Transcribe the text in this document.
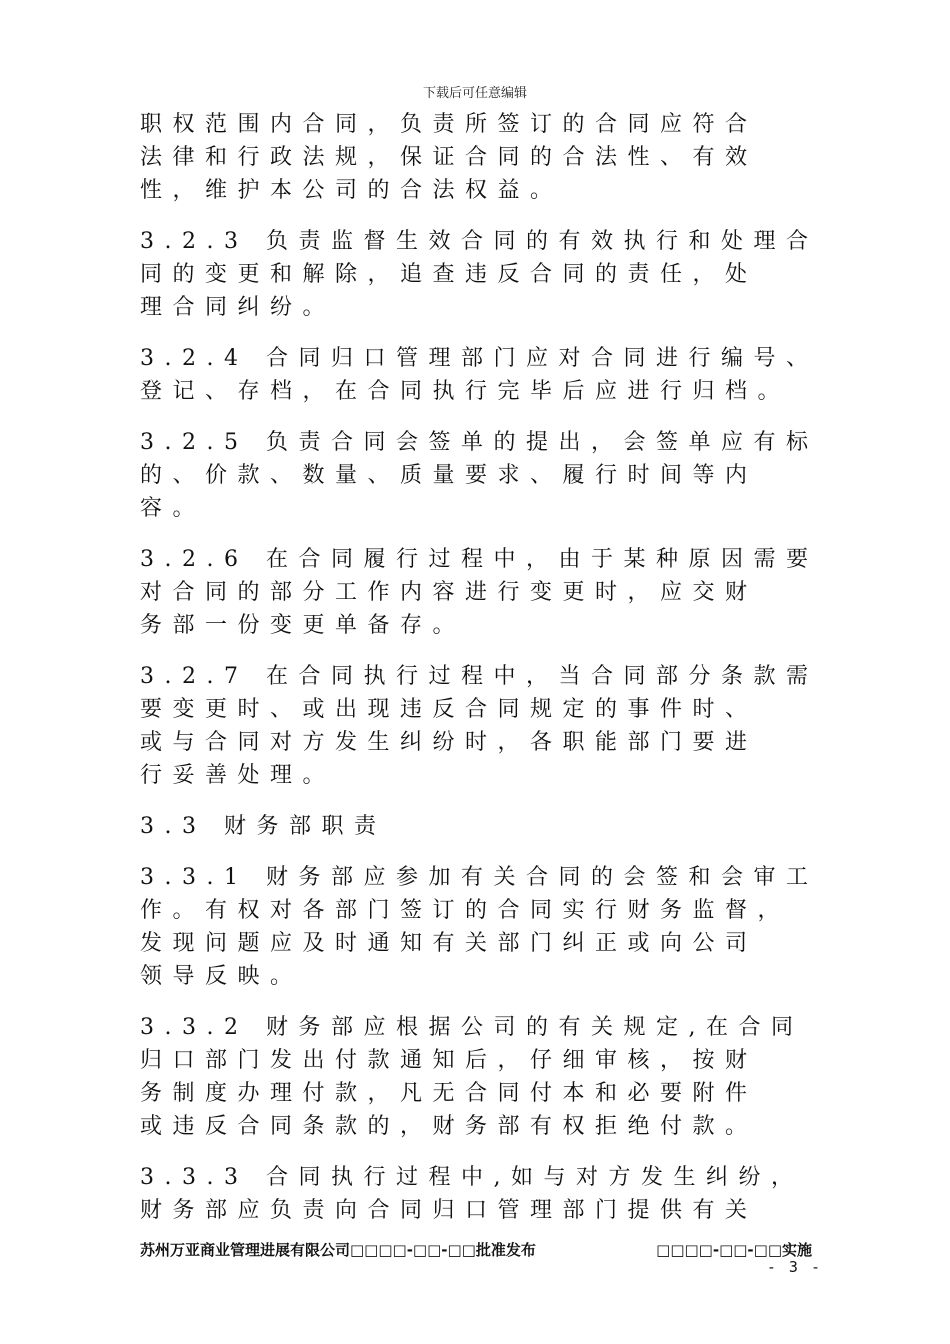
下载后可任意编辑
职权范围内合同，负责所签订的合同应符合
法律和行政法规，保证合同的合法性、有效
性，维护本公司的合法权益。
3.2.3 负责监督生效合同的有效执行和处理合
同的变更和解除，追查违反合同的责任，处
理合同纠纷。
3.2.4 合同归口管理部门应对合同进行编号、
登记、存档，在合同执行完毕后应进行归档。
3.2.5 负责合同会签单的提出，会签单应有标
的、价款、数量、质量要求、履行时间等内
容。
3.2.6 在合同履行过程中，由于某种原因需要
对合同的部分工作内容进行变更时，应交财
务部一份变更单备存。
3.2.7 在合同执行过程中，当合同部分条款需
要变更时、或出现违反合同规定的事件时、
或与合同对方发生纠纷时，各职能部门要进
行妥善处理。
3.3 财务部职责
3.3.1 财务部应参加有关合同的会签和会审工
作。有权对各部门签订的合同实行财务监督，
发现问题应及时通知有关部门纠正或向公司
领导反映。
3.3.2 财务部应根据公司的有关规定,在合同
归口部门发出付款通知后，仔细审核，按财
务制度办理付款，凡无合同付本和必要附件
或违反合同条款的，财务部有权拒绝付款。
3.3.3 合同执行过程中,如与对方发生纠纷，
财务部应负责向合同归口管理部门提供有关
苏州万亚商业管理进展有限公司□□□□-□□-□□批准发布	□□□□-□□-□□实施
- 3 -
